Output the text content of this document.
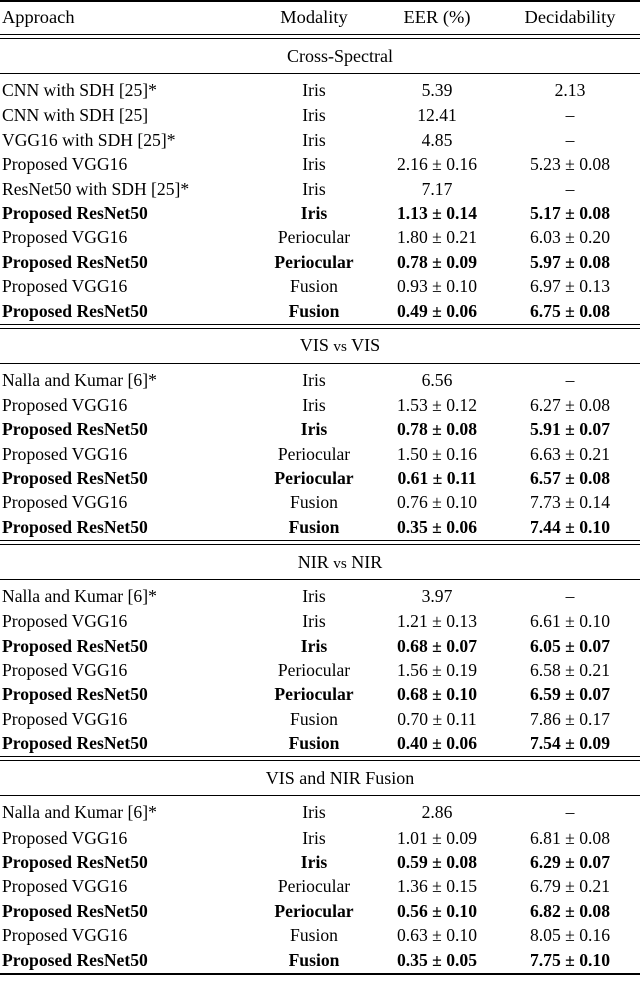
Approach	Modality	EER (%)	Decidability

Cross-Spectral			

CNN with SDH [25]*	Iris	5.39	2.13
CNN with SDH [25]	Iris	12.41	–
VGG16 with SDH [25]*	Iris	4.85	–
Proposed VGG16	Iris	2.16 ± 0.16	5.23 ± 0.08
ResNet50 with SDH [25]*	Iris	7.17	–
Proposed ResNet50	Iris	1.13 ± 0.14	5.17 ± 0.08
Proposed VGG16	Periocular	1.80 ± 0.21	6.03 ± 0.20
Proposed ResNet50	Periocular	0.78 ± 0.09	5.97 ± 0.08
Proposed VGG16	Fusion	0.93 ± 0.10	6.97 ± 0.13
Proposed ResNet50	Fusion	0.49 ± 0.06	6.75 ± 0.08

VIS vs VIS			

Nalla and Kumar [6]*	Iris	6.56	–
Proposed VGG16	Iris	1.53 ± 0.12	6.27 ± 0.08
Proposed ResNet50	Iris	0.78 ± 0.08	5.91 ± 0.07
Proposed VGG16	Periocular	1.50 ± 0.16	6.63 ± 0.21
Proposed ResNet50	Periocular	0.61 ± 0.11	6.57 ± 0.08
Proposed VGG16	Fusion	0.76 ± 0.10	7.73 ± 0.14
Proposed ResNet50	Fusion	0.35 ± 0.06	7.44 ± 0.10

NIR vs NIR			

Nalla and Kumar [6]*	Iris	3.97	–
Proposed VGG16	Iris	1.21 ± 0.13	6.61 ± 0.10
Proposed ResNet50	Iris	0.68 ± 0.07	6.05 ± 0.07
Proposed VGG16	Periocular	1.56 ± 0.19	6.58 ± 0.21
Proposed ResNet50	Periocular	0.68 ± 0.10	6.59 ± 0.07
Proposed VGG16	Fusion	0.70 ± 0.11	7.86 ± 0.17
Proposed ResNet50	Fusion	0.40 ± 0.06	7.54 ± 0.09

VIS and NIR Fusion			

Nalla and Kumar [6]*	Iris	2.86	–
Proposed VGG16	Iris	1.01 ± 0.09	6.81 ± 0.08
Proposed ResNet50	Iris	0.59 ± 0.08	6.29 ± 0.07
Proposed VGG16	Periocular	1.36 ± 0.15	6.79 ± 0.21
Proposed ResNet50	Periocular	0.56 ± 0.10	6.82 ± 0.08
Proposed VGG16	Fusion	0.63 ± 0.10	8.05 ± 0.16
Proposed ResNet50	Fusion	0.35 ± 0.05	7.75 ± 0.10
